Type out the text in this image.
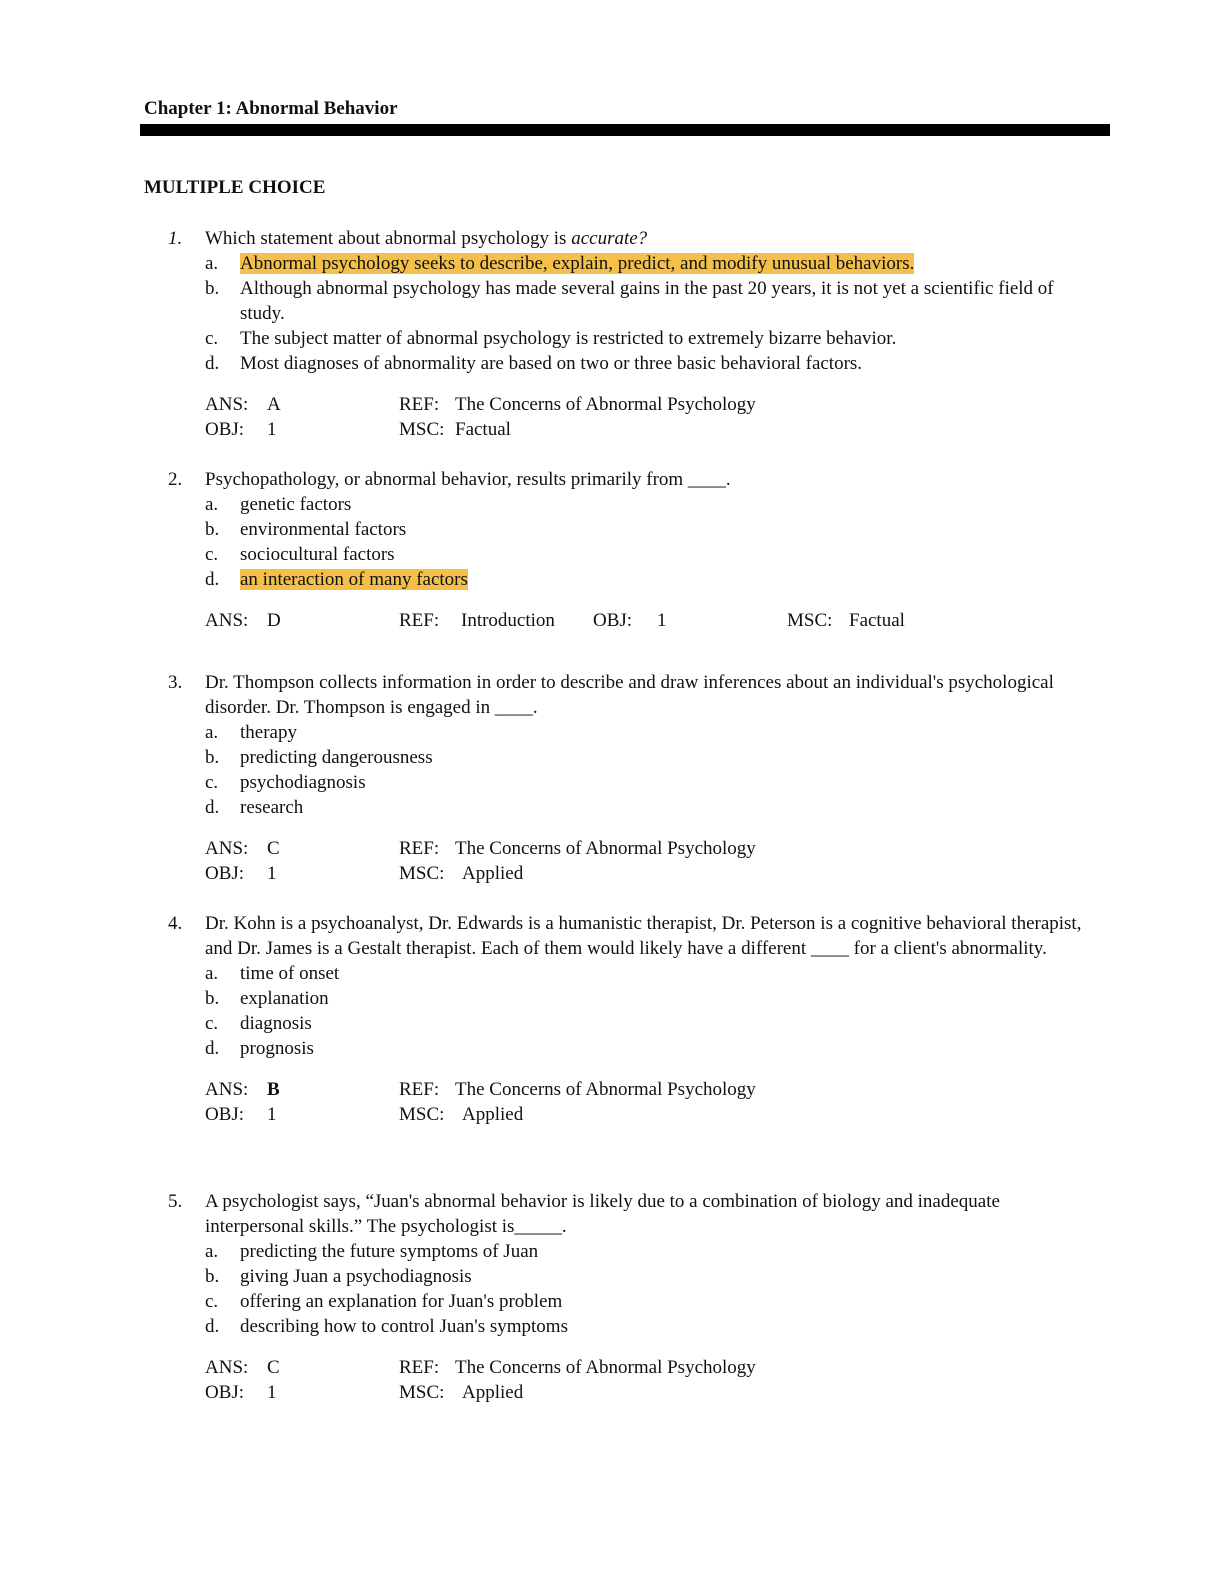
Chapter 1: Abnormal Behavior
MULTIPLE CHOICE
1.	Which statement about abnormal psychology is accurate?
a.	Abnormal psychology seeks to describe, explain, predict, and modify unusual behaviors.
b.	Although abnormal psychology has made several gains in the past 20 years, it is not yet a scientific field of study.
c.	The subject matter of abnormal psychology is restricted to extremely bizarre behavior.
d.	Most diagnoses of abnormality are based on two or three basic behavioral factors.
ANS: A	REF: The Concerns of Abnormal Psychology
OBJ: 1	MSC: Factual
2.	Psychopathology, or abnormal behavior, results primarily from ____.
a.	genetic factors
b.	environmental factors
c.	sociocultural factors
d.	an interaction of many factors
ANS: D	REF: Introduction OBJ: 1	MSC: Factual
3.	Dr. Thompson collects information in order to describe and draw inferences about an individual's psychological disorder. Dr. Thompson is engaged in ____.
a.	therapy
b.	predicting dangerousness
c.	psychodiagnosis
d.	research
ANS: C	REF: The Concerns of Abnormal Psychology
OBJ: 1	MSC: Applied
4.	Dr. Kohn is a psychoanalyst, Dr. Edwards is a humanistic therapist, Dr. Peterson is a cognitive behavioral therapist, and Dr. James is a Gestalt therapist. Each of them would likely have a different ____ for a client's abnormality.
a.	time of onset
b.	explanation
c.	diagnosis
d.	prognosis
ANS: B	REF: The Concerns of Abnormal Psychology
OBJ: 1	MSC: Applied
5.	A psychologist says, “Juan's abnormal behavior is likely due to a combination of biology and inadequate interpersonal skills.” The psychologist is_____.
a.	predicting the future symptoms of Juan
b.	giving Juan a psychodiagnosis
c.	offering an explanation for Juan's problem
d.	describing how to control Juan's symptoms
ANS: C	REF: The Concerns of Abnormal Psychology
OBJ: 1	MSC: Applied
